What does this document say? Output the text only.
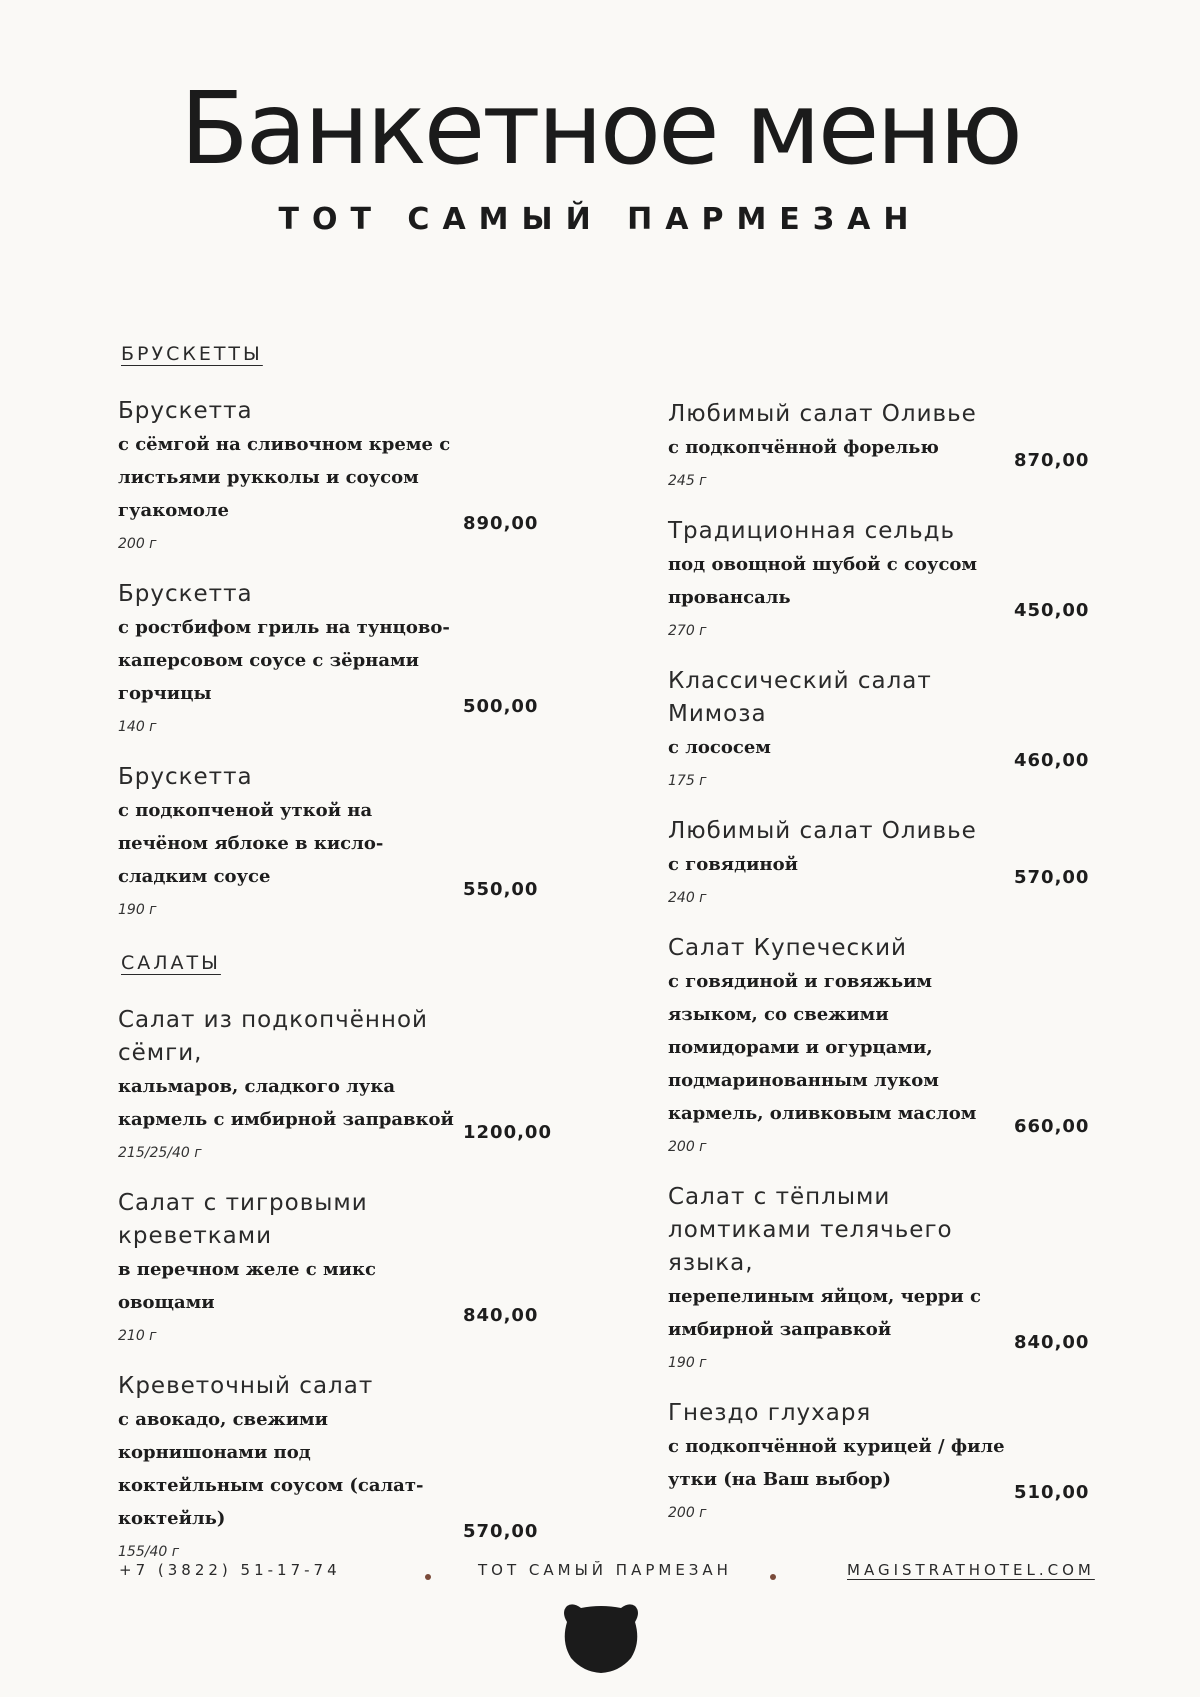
Банкетное меню
ТОТ САМЫЙ ПАРМЕЗАН
БРУСКЕТТЫ
Брускетта
с сёмгой на сливочном креме с листьями рукколы и соусом гуакомоле
200 г
890,00
Брускетта
с ростбифом гриль на тунцово-каперсовом соусе с зёрнами горчицы
140 г
500,00
Брускетта
с подкопченой уткой на печёном яблоке в кисло-сладким соусе
190 г
550,00
САЛАТЫ
Салат из подкопчённой сёмги,
кальмаров, сладкого лука кармель с имбирной заправкой
215/25/40 г
1200,00
Салат с тигровыми креветками
в перечном желе с микс овощами
210 г
840,00
Креветочный салат
с авокадо, свежими корнишонами под коктейльным соусом (салат-коктейль)
155/40 г
570,00
Любимый салат Оливье
с подкопчённой форелью
245 г
870,00
Традиционная сельдь
под овощной шубой с соусом провансаль
270 г
450,00
Классический салат Мимоза
с лососем
175 г
460,00
Любимый салат Оливье
с говядиной
240 г
570,00
Салат Купеческий
с говядиной и говяжьим языком, со свежими помидорами и огурцами, подмаринованным луком кармель, оливковым маслом
200 г
660,00
Салат с тёплыми ломтиками телячьего языка,
перепелиным яйцом, черри с имбирной заправкой
190 г
840,00
Гнездо глухаря
с подкопчённой курицей / филе утки (на Ваш выбор)
200 г
510,00
+7 (3822) 51-17-74	ТОТ САМЫЙ ПАРМЕЗАН	MAGISTRATHOTEL.COM
